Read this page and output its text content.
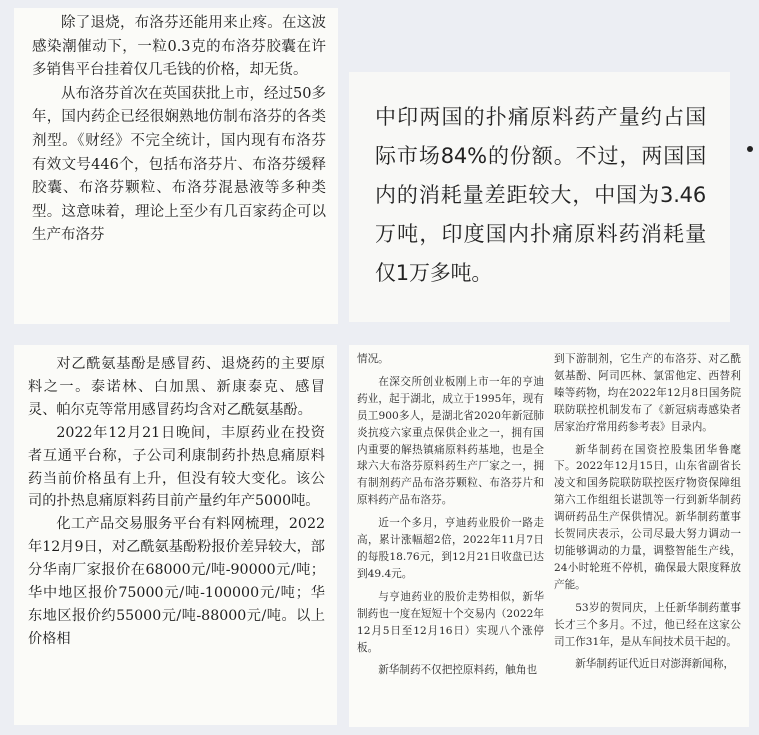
除了退烧，布洛芬还能用来止疼。在这波感染潮催动下，一粒0.3克的布洛芬胶囊在许多销售平台挂着仅几毛钱的价格，却无货。

从布洛芬首次在英国获批上市，经过50多年，国内药企已经很娴熟地仿制布洛芬的各类剂型。《财经》不完全统计，国内现有布洛芬有效文号446个，包括布洛芬片、布洛芬缓释胶囊、布洛芬颗粒、布洛芬混悬液等多种类型。这意味着，理论上至少有几百家药企可以生产布洛芬

中印两国的扑痛原料药产量约占国际市场84%的份额。不过，两国国内的消耗量差距较大，中国为3.46万吨，印度国内扑痛原料药消耗量仅1万多吨。

对乙酰氨基酚是感冒药、退烧药的主要原料之一。泰诺林、白加黑、新康泰克、感冒灵、帕尔克等常用感冒药均含对乙酰氨基酚。

2022年12月21日晚间，丰原药业在投资者互通平台称，子公司利康制药扑热息痛原料药当前价格虽有上升，但没有较大变化。该公司的扑热息痛原料药目前产量约年产5000吨。

化工产品交易服务平台有料网梳理，2022年12月9日，对乙酰氨基酚粉报价差异较大，部分华南厂家报价在68000元/吨-90000元/吨；华中地区报价75000元/吨-100000元/吨；华东地区报价约55000元/吨-88000元/吨。以上价格相

情况。

在深交所创业板刚上市一年的亨迪药业，起于湖北，成立于1995年，现有员工900多人，是湖北省2020年新冠肺炎抗疫六家重点保供企业之一，拥有国内重要的解热镇痛原料药基地，也是全球六大布洛芬原料药生产厂家之一，拥有制剂药产品布洛芬颗粒、布洛芬片和原料药产品布洛芬。

近一个多月，亨迪药业股价一路走高，累计涨幅超2倍，2022年11月7日的每股18.76元，到12月21日收盘已达到49.4元。

与亨迪药业的股价走势相似，新华制药也一度在短短十个交易内（2022年12月5日至12月16日）实现八个涨停板。

新华制药不仅把控原料药，触角也

到下游制剂，它生产的布洛芬、对乙酰氨基酚、阿司匹林、氯雷他定、西替利嗪等药物，均在2022年12月8日国务院联防联控机制发布了《新冠病毒感染者居家治疗常用药参考表》目录内。

新华制药在国资控股集团华鲁麾下。2022年12月15日，山东省副省长凌文和国务院联防联控医疗物资保障组第六工作组组长谌凯等一行到新华制药调研药品生产保供情况。新华制药董事长贺同庆表示，公司尽最大努力调动一切能够调动的力量，调整智能生产线，24小时轮班不停机，确保最大限度释放产能。

53岁的贺同庆，上任新华制药董事长才三个多月。不过，他已经在这家公司工作31年，是从车间技术员干起的。

新华制药证代近日对澎湃新闻称，
